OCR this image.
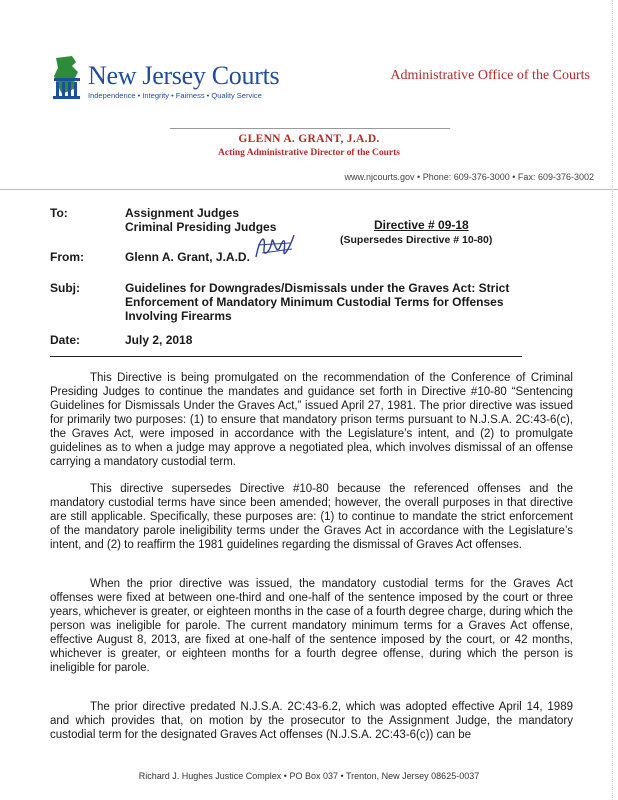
New Jersey Courts
Independence • Integrity • Fairness • Quality Service
Administrative Office of the Courts
GLENN A. GRANT, J.A.D.
Acting Administrative Director of the Courts
www.njcourts.gov • Phone: 609-376-3000 • Fax: 609-376-3002
To:	Assignment Judges
Criminal Presiding Judges	Directive # 09-18
(Supersedes Directive # 10-80)
From:	Glenn A. Grant, J.A.D.
Subj:	Guidelines for Downgrades/Dismissals under the Graves Act: Strict Enforcement of Mandatory Minimum Custodial Terms for Offenses Involving Firearms
Date:	July 2, 2018
This Directive is being promulgated on the recommendation of the Conference of Criminal Presiding Judges to continue the mandates and guidance set forth in Directive #10-80 “Sentencing Guidelines for Dismissals Under the Graves Act,” issued April 27, 1981. The prior directive was issued for primarily two purposes: (1) to ensure that mandatory prison terms pursuant to N.J.S.A. 2C:43-6(c), the Graves Act, were imposed in accordance with the Legislature’s intent, and (2) to promulgate guidelines as to when a judge may approve a negotiated plea, which involves dismissal of an offense carrying a mandatory custodial term.
This directive supersedes Directive #10-80 because the referenced offenses and the mandatory custodial terms have since been amended; however, the overall purposes in that directive are still applicable. Specifically, these purposes are: (1) to continue to mandate the strict enforcement of the mandatory parole ineligibility terms under the Graves Act in accordance with the Legislature’s intent, and (2) to reaffirm the 1981 guidelines regarding the dismissal of Graves Act offenses.
When the prior directive was issued, the mandatory custodial terms for the Graves Act offenses were fixed at between one-third and one-half of the sentence imposed by the court or three years, whichever is greater, or eighteen months in the case of a fourth degree charge, during which the person was ineligible for parole. The current mandatory minimum terms for a Graves Act offense, effective August 8, 2013, are fixed at one-half of the sentence imposed by the court, or 42 months, whichever is greater, or eighteen months for a fourth degree offense, during which the person is ineligible for parole.
The prior directive predated N.J.S.A. 2C:43-6.2, which was adopted effective April 14, 1989 and which provides that, on motion by the prosecutor to the Assignment Judge, the mandatory custodial term for the designated Graves Act offenses (N.J.S.A. 2C:43-6(c)) can be
Richard J. Hughes Justice Complex • PO Box 037 • Trenton, New Jersey 08625-0037
